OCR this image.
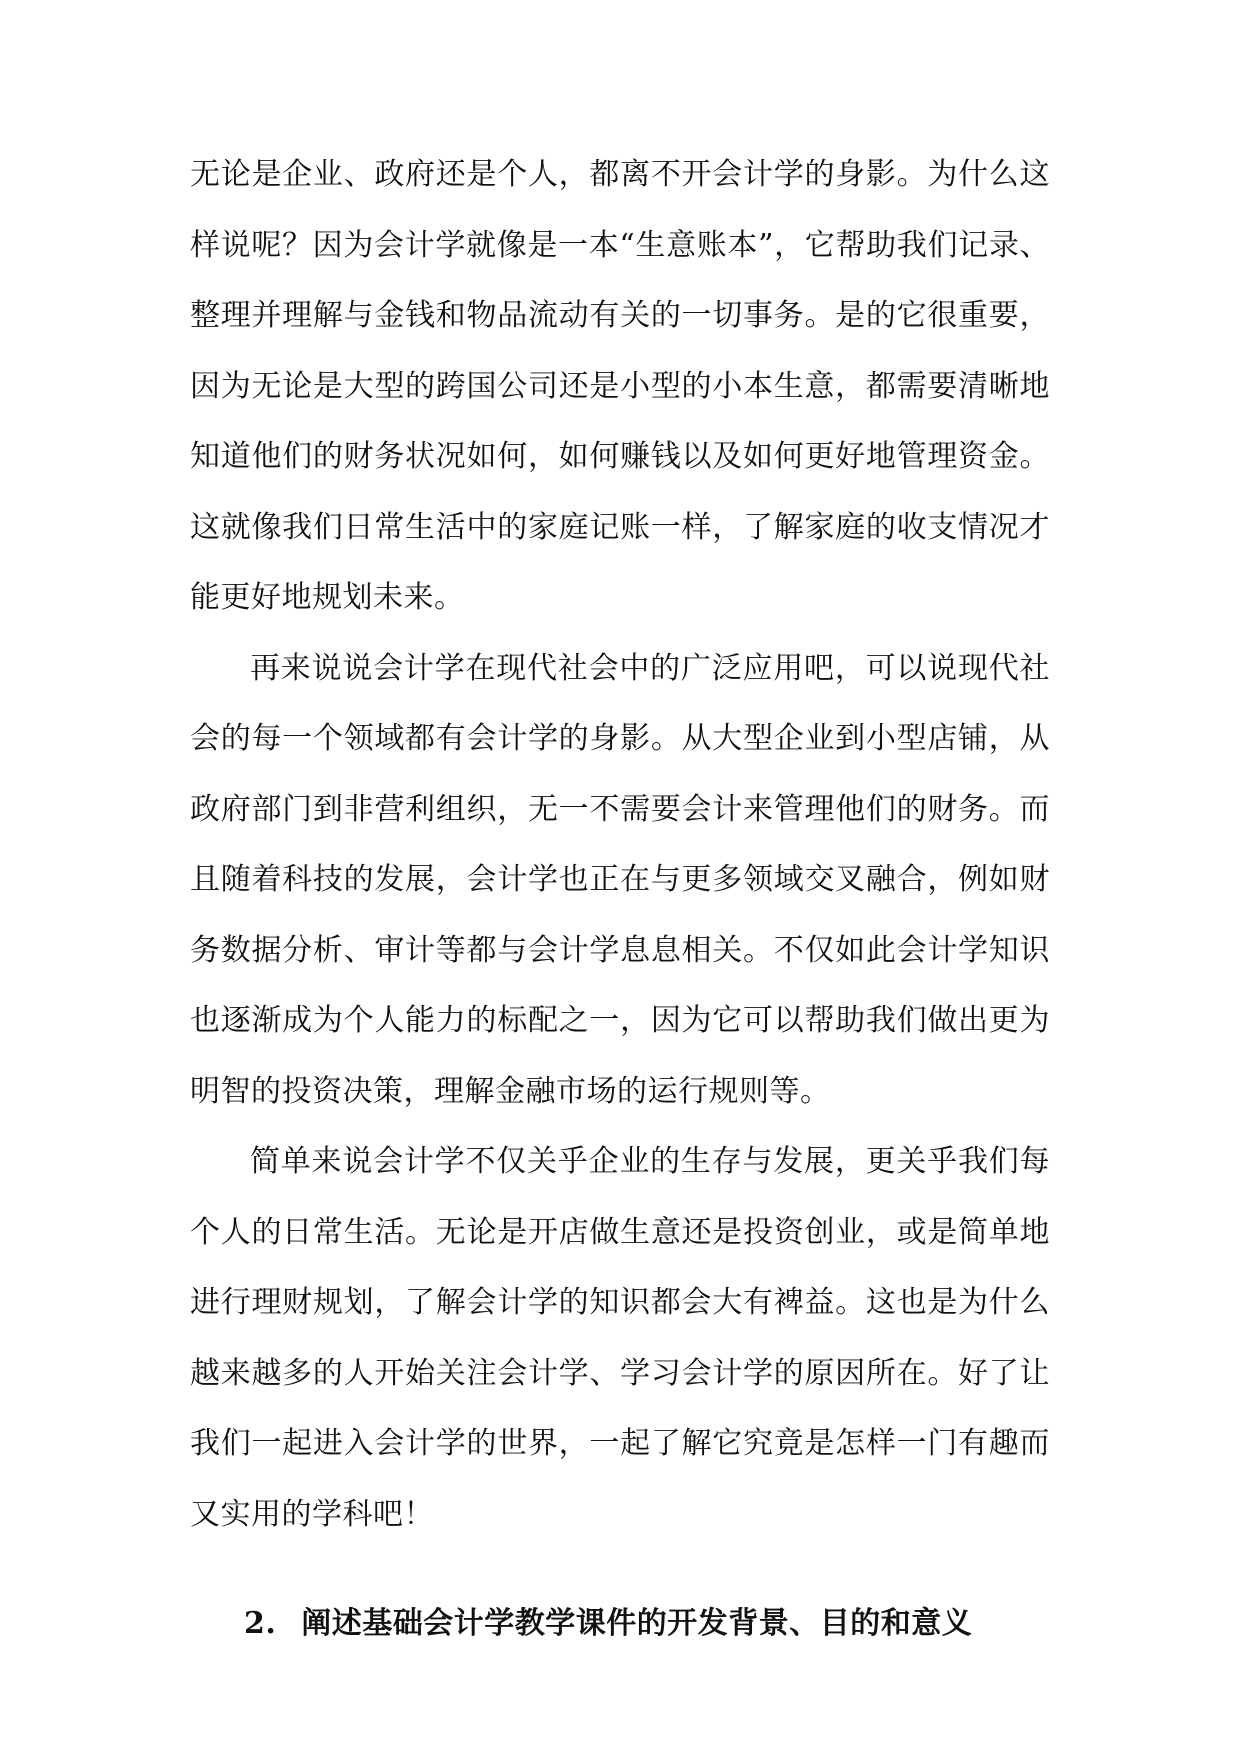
无论是企业、政府还是个人，都离不开会计学的身影。为什么这样说呢？因为会计学就像是一本“生意账本”，它帮助我们记录、整理并理解与金钱和物品流动有关的一切事务。是的它很重要，因为无论是大型的跨国公司还是小型的小本生意，都需要清晰地知道他们的财务状况如何，如何赚钱以及如何更好地管理资金。这就像我们日常生活中的家庭记账一样，了解家庭的收支情况才能更好地规划未来。

再来说说会计学在现代社会中的广泛应用吧，可以说现代社会的每一个领域都有会计学的身影。从大型企业到小型店铺，从政府部门到非营利组织，无一不需要会计来管理他们的财务。而且随着科技的发展，会计学也正在与更多领域交叉融合，例如财务数据分析、审计等都与会计学息息相关。不仅如此会计学知识也逐渐成为个人能力的标配之一，因为它可以帮助我们做出更为明智的投资决策，理解金融市场的运行规则等。

简单来说会计学不仅关乎企业的生存与发展，更关乎我们每个人的日常生活。无论是开店做生意还是投资创业，或是简单地进行理财规划，了解会计学的知识都会大有裨益。这也是为什么越来越多的人开始关注会计学、学习会计学的原因所在。好了让我们一起进入会计学的世界，一起了解它究竟是怎样一门有趣而又实用的学科吧！

2. 阐述基础会计学教学课件的开发背景、目的和意义
